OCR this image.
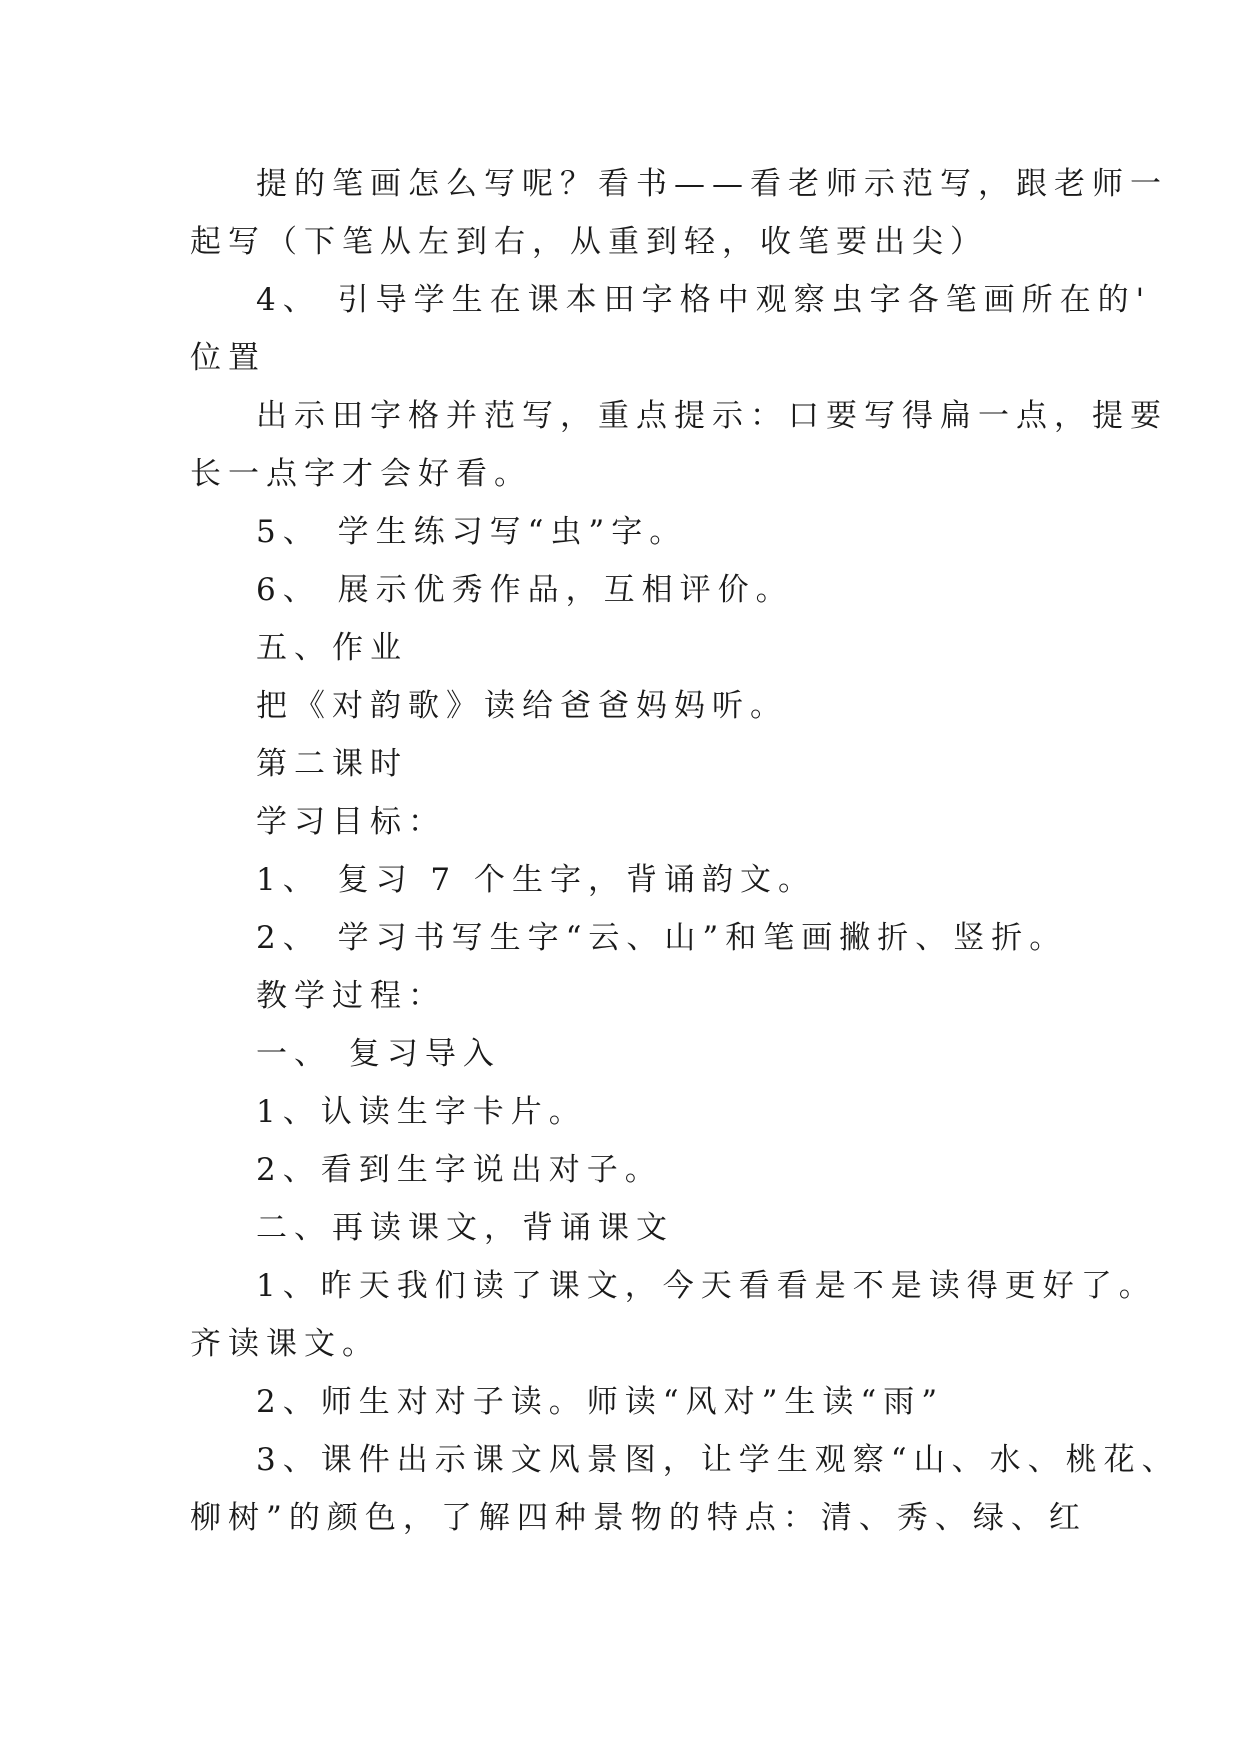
提的笔画怎么写呢？看书——看老师示范写，跟老师一
起写（下笔从左到右，从重到轻，收笔要出尖）
4、 引导学生在课本田字格中观察虫字各笔画所在的'
位置
出示田字格并范写，重点提示：口要写得扁一点，提要
长一点字才会好看。
5、 学生练习写“虫”字。
6、 展示优秀作品，互相评价。
五、作业
把《对韵歌》读给爸爸妈妈听。
第二课时
学习目标：
1、 复习 7 个生字，背诵韵文。
2、 学习书写生字“云、山”和笔画撇折、竖折。
教学过程：
一、 复习导入
1、认读生字卡片。
2、看到生字说出对子。
二、再读课文，背诵课文
1、昨天我们读了课文，今天看看是不是读得更好了。
齐读课文。
2、师生对对子读。师读“风对”生读“雨”
3、课件出示课文风景图，让学生观察“山、水、桃花、
柳树”的颜色，了解四种景物的特点：清、秀、绿、红
